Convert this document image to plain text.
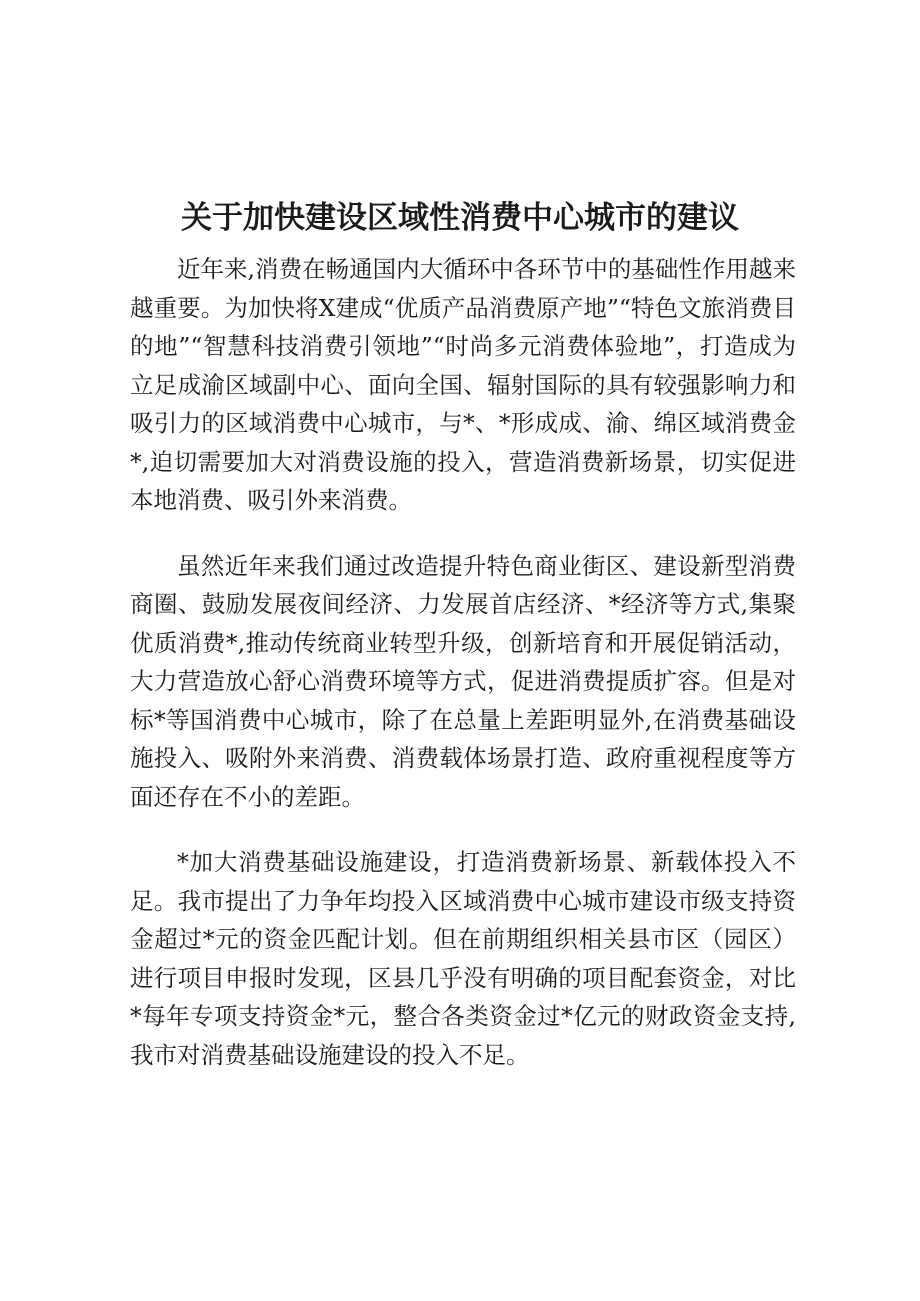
关于加快建设区域性消费中心城市的建议

近年来,消费在畅通国内大循环中各环节中的基础性作用越来越重要。为加快将X建成“优质产品消费原产地”“特色文旅消费目的地”“智慧科技消费引领地”“时尚多元消费体验地”，打造成为立足成渝区域副中心、面向全国、辐射国际的具有较强影响力和吸引力的区域消费中心城市，与*、*形成成、渝、绵区域消费金*,迫切需要加大对消费设施的投入，营造消费新场景，切实促进本地消费、吸引外来消费。

虽然近年来我们通过改造提升特色商业街区、建设新型消费商圈、鼓励发展夜间经济、力发展首店经济、*经济等方式,集聚优质消费*,推动传统商业转型升级，创新培育和开展促销活动，大力营造放心舒心消费环境等方式，促进消费提质扩容。但是对标*等国消费中心城市，除了在总量上差距明显外,在消费基础设施投入、吸附外来消费、消费载体场景打造、政府重视程度等方面还存在不小的差距。

*加大消费基础设施建设，打造消费新场景、新载体投入不足。我市提出了力争年均投入区域消费中心城市建设市级支持资金超过*元的资金匹配计划。但在前期组织相关县市区（园区）进行项目申报时发现，区县几乎没有明确的项目配套资金，对比*每年专项支持资金*元，整合各类资金过*亿元的财政资金支持,我市对消费基础设施建设的投入不足。
